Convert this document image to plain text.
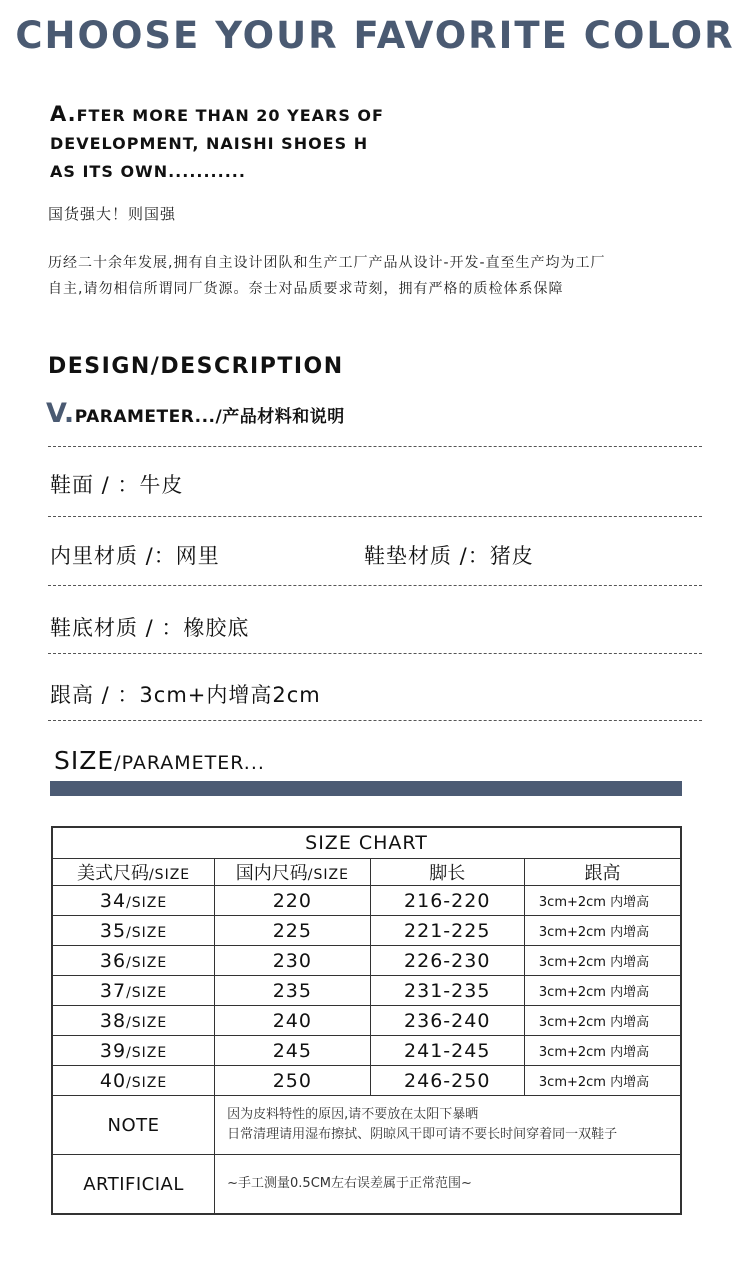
CHOOSE YOUR FAVORITE COLOR
A.FTER MORE THAN 20 YEARS OF
DEVELOPMENT, NAISHI SHOES H
AS ITS OWN...........
国货强大！则国强
历经二十余年发展,拥有自主设计团队和生产工厂产品从设计-开发-直至生产均为工厂
自主,请勿相信所谓同厂货源。奈士对品质要求苛刻，拥有严格的质检体系保障
DESIGN/DESCRIPTION
V.PARAMETER.../产品材料和说明
鞋面 / ：牛皮
内里材质 /：网里	鞋垫材质 /：猪皮
鞋底材质 / ：橡胶底
跟高 / ：3cm+内增高2cm
SIZE/PARAMETER...
SIZE CHART			
美式尺码/SIZE	国内尺码/SIZE	脚长	跟高
34/SIZE	220	216-220	3cm+2cm 内增高
35/SIZE	225	221-225	3cm+2cm 内增高
36/SIZE	230	226-230	3cm+2cm 内增高
37/SIZE	235	231-235	3cm+2cm 内增高
38/SIZE	240	236-240	3cm+2cm 内增高
39/SIZE	245	241-245	3cm+2cm 内增高
40/SIZE	250	246-250	3cm+2cm 内增高
NOTE	因为皮料特性的原因,请不要放在太阳下暴晒
日常清理请用湿布擦拭、阴晾风干即可请不要长时间穿着同一双鞋子		

ARTIFICIAL	~手工测量0.5CM左右误差属于正常范围~		
